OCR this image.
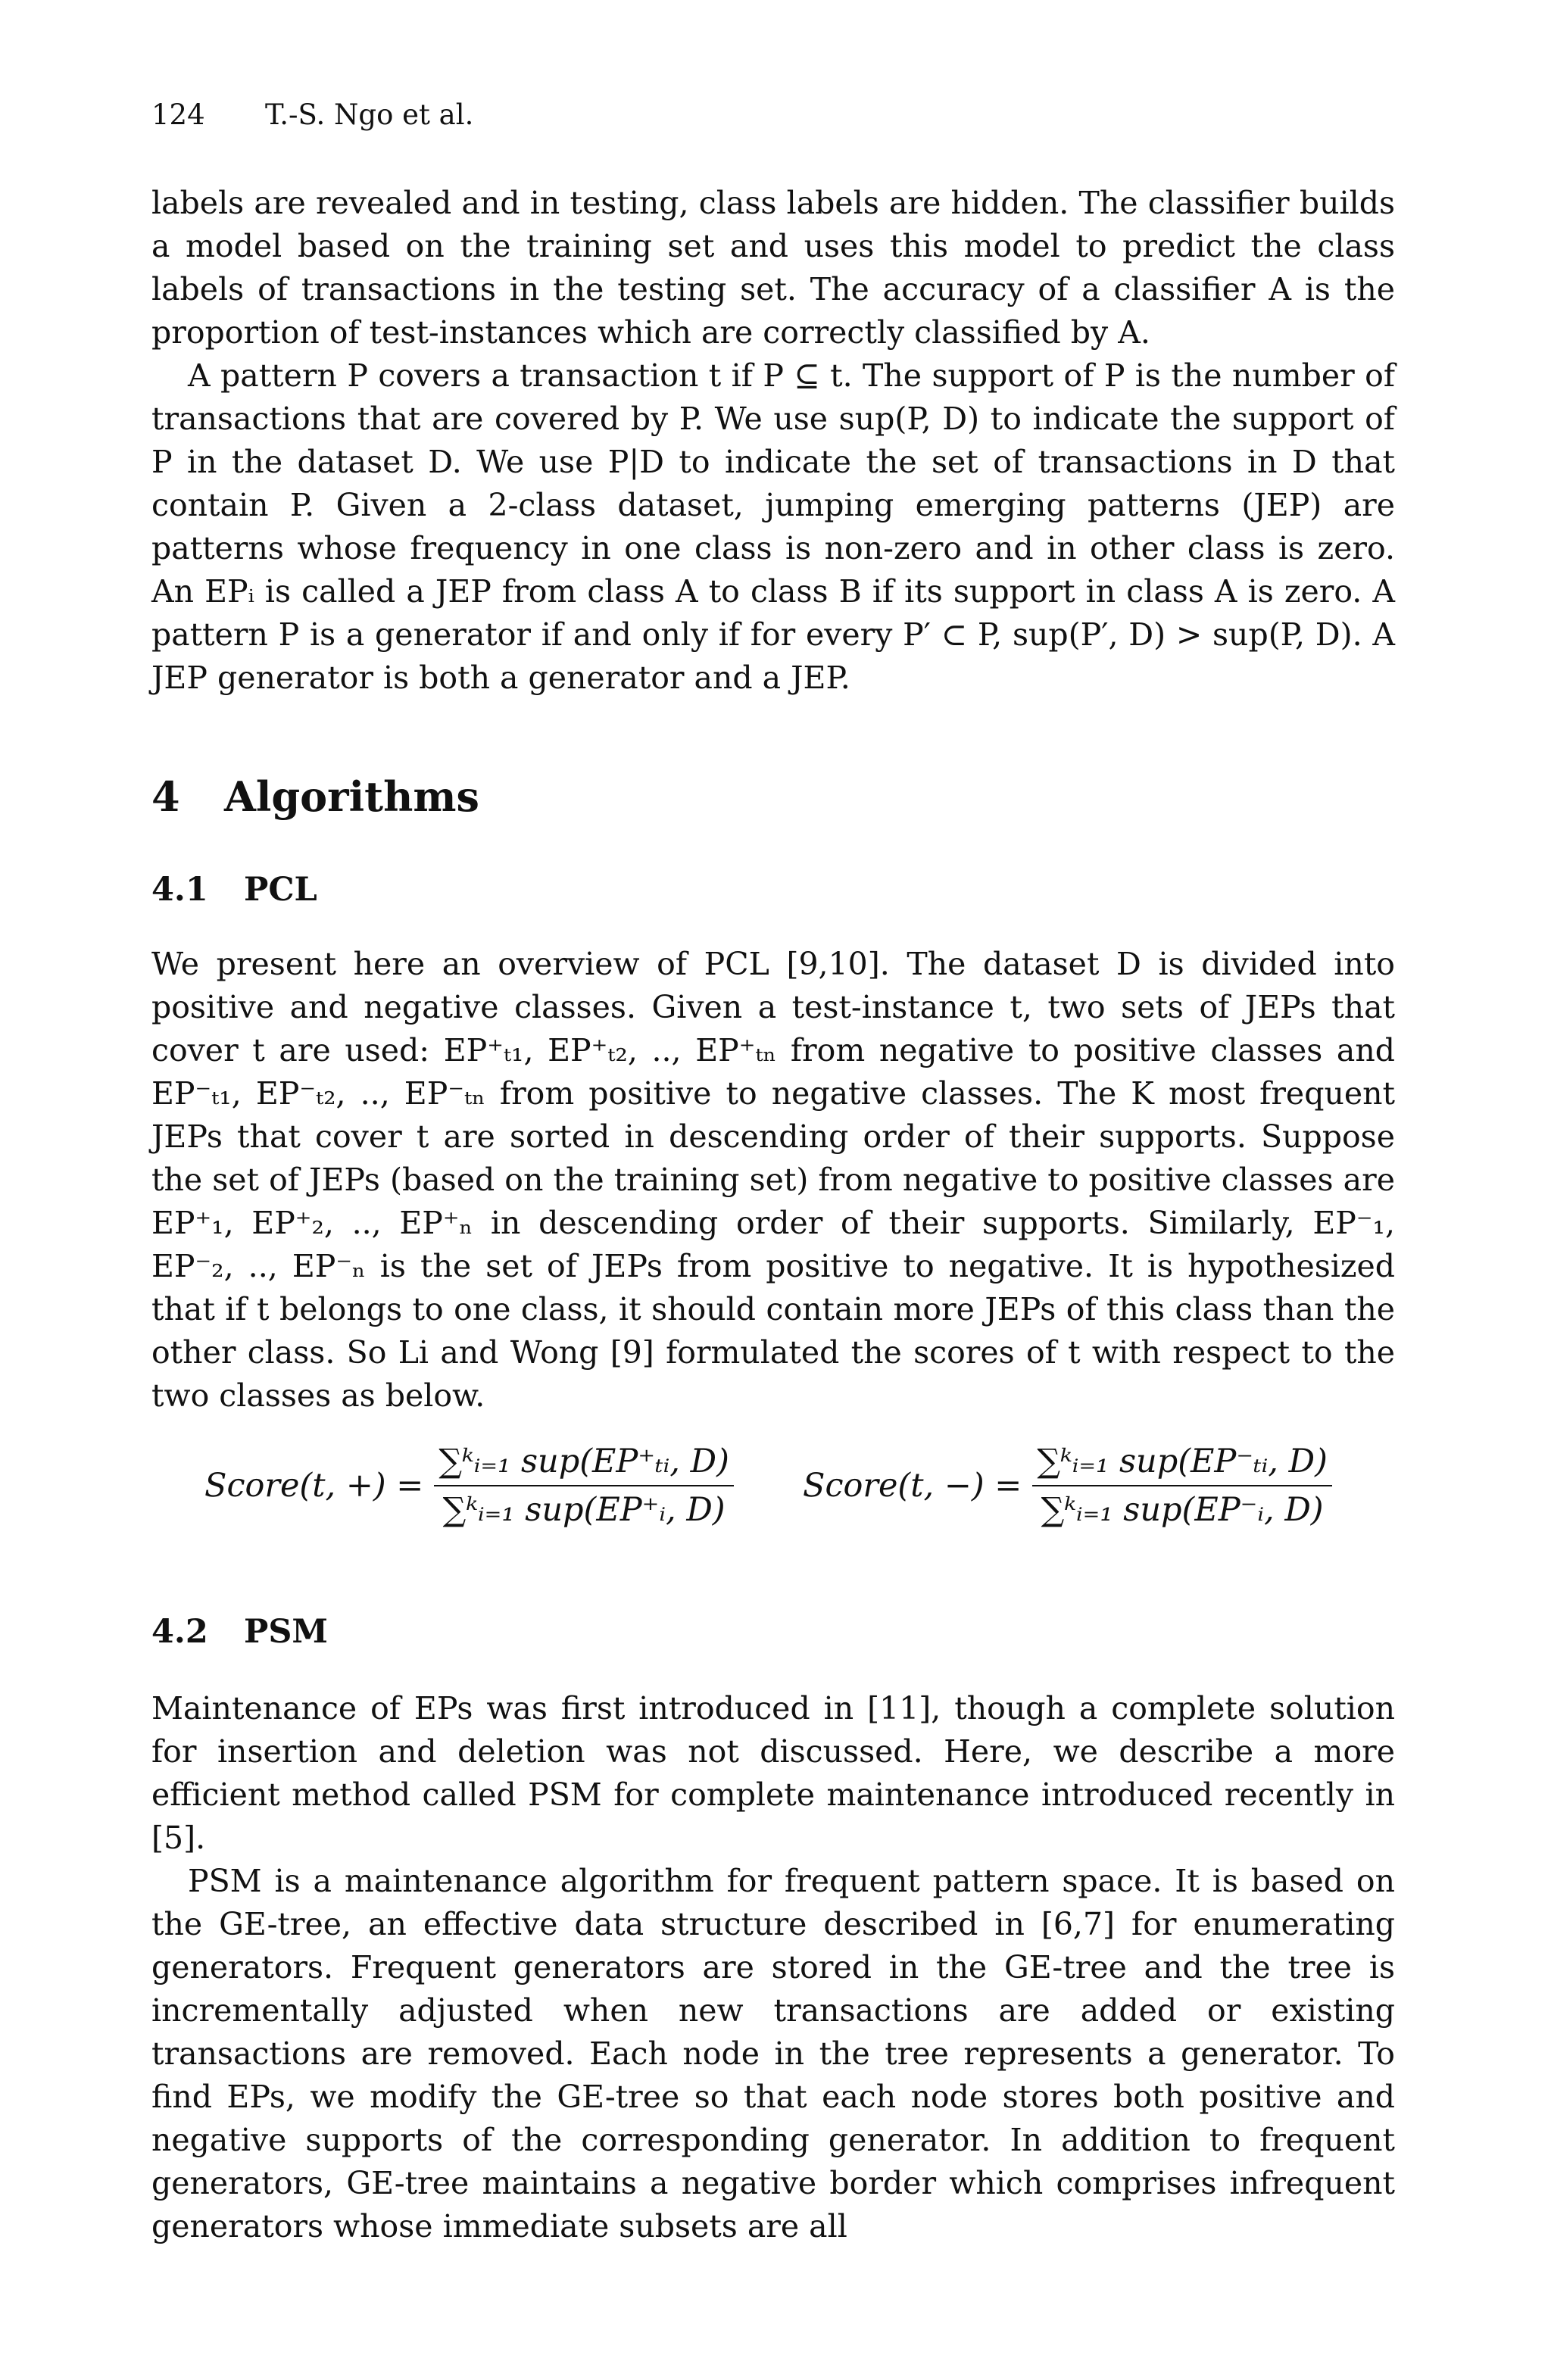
124 T.-S. Ngo et al.

labels are revealed and in testing, class labels are hidden. The classifier builds a model based on the training set and uses this model to predict the class labels of transactions in the testing set. The accuracy of a classifier A is the proportion of test-instances which are correctly classified by A.

A pattern P covers a transaction t if P ⊆ t. The support of P is the number of transactions that are covered by P. We use sup(P, D) to indicate the support of P in the dataset D. We use P|D to indicate the set of transactions in D that contain P. Given a 2-class dataset, jumping emerging patterns (JEP) are patterns whose frequency in one class is non-zero and in other class is zero. An EPᵢ is called a JEP from class A to class B if its support in class A is zero. A pattern P is a generator if and only if for every P′ ⊂ P, sup(P′, D) > sup(P, D). A JEP generator is both a generator and a JEP.

4 Algorithms
4.1 PCL

We present here an overview of PCL [9,10]. The dataset D is divided into positive and negative classes. Given a test-instance t, two sets of JEPs that cover t are used: EP⁺ₜ₁, EP⁺ₜ₂, .., EP⁺ₜₙ from negative to positive classes and EP⁻ₜ₁, EP⁻ₜ₂, .., EP⁻ₜₙ from positive to negative classes. The K most frequent JEPs that cover t are sorted in descending order of their supports. Suppose the set of JEPs (based on the training set) from negative to positive classes are EP⁺₁, EP⁺₂, .., EP⁺ₙ in descending order of their supports. Similarly, EP⁻₁, EP⁻₂, .., EP⁻ₙ is the set of JEPs from positive to negative. It is hypothesized that if t belongs to one class, it should contain more JEPs of this class than the other class. So Li and Wong [9] formulated the scores of t with respect to the two classes as below.

Score(t, +) = $\frac{\text{∑ᵏᵢ₌₁ sup(EP⁺ₜᵢ, D)}}{\text{∑ᵏᵢ₌₁ sup(EP⁺ᵢ, D)}}$ Score(t, −) = $\frac{\text{∑ᵏᵢ₌₁ sup(EP⁻ₜᵢ, D)}}{\text{∑ᵏᵢ₌₁ sup(EP⁻ᵢ, D)}}$
4.2 PSM

Maintenance of EPs was first introduced in [11], though a complete solution for insertion and deletion was not discussed. Here, we describe a more efficient method called PSM for complete maintenance introduced recently in [5].

PSM is a maintenance algorithm for frequent pattern space. It is based on the GE-tree, an effective data structure described in [6,7] for enumerating generators. Frequent generators are stored in the GE-tree and the tree is incrementally adjusted when new transactions are added or existing transactions are removed. Each node in the tree represents a generator. To find EPs, we modify the GE-tree so that each node stores both positive and negative supports of the corresponding generator. In addition to frequent generators, GE-tree maintains a negative border which comprises infrequent generators whose immediate subsets are all
